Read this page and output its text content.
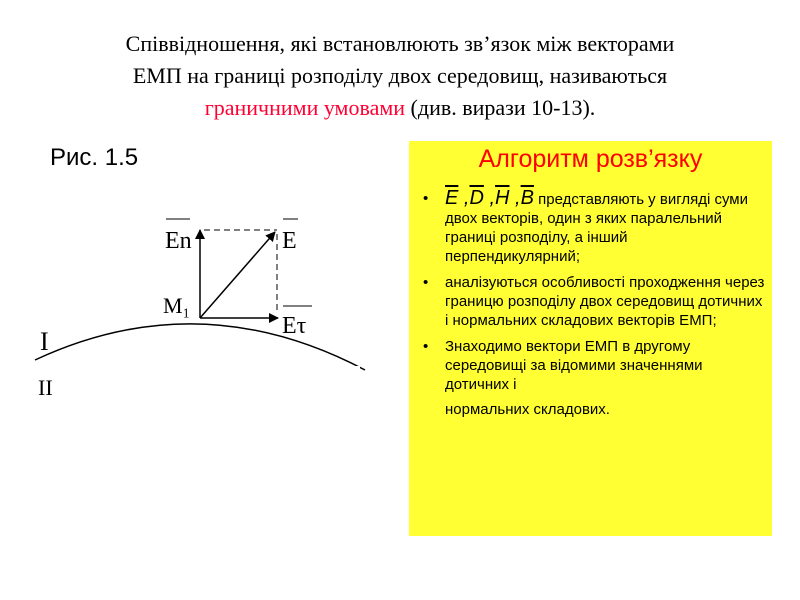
Співвідношення, які встановлюють зв’язок між векторами
ЕМП на границі розподілу двох середовищ, називаються
граничними умовами (див. вирази 10-13).
Рис. 1.5
En	E
M₁
Eτ
I
II
Алгоритм розв’язку
• $\overline{E}$ $,\overline{D}$ $,\overline{H}$ $,\overline{B}$ представляють у вигляді суми двох векторів, один з яких паралельний границі розподілу, а інший перпендикулярний;
•	аналізуються особливості проходження через границю розподілу двох середовищ дотичних і нормальних складових векторів ЕМП;
•	Знаходимо вектори ЕМП в другому середовищі за відомими значеннями дотичних і
нормальних складових.
